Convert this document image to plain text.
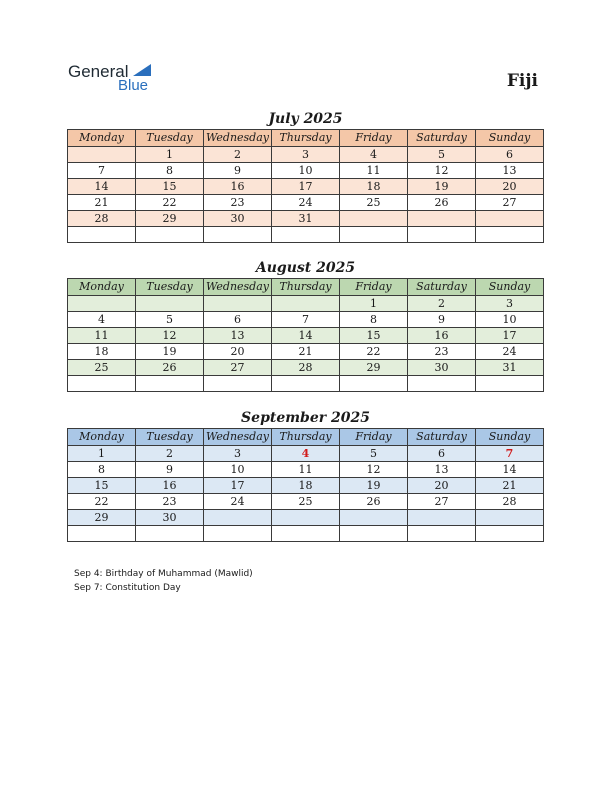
General
Blue	Fiji
July 2025
Monday	Tuesday	Wednesday	Thursday	Friday	Saturday	Sunday
	1	2	3	4	5	6
7	8	9	10	11	12	13
14	15	16	17	18	19	20
21	22	23	24	25	26	27
28	29	30	31			

August 2025
Monday	Tuesday	Wednesday	Thursday	Friday	Saturday	Sunday
				1	2	3
4	5	6	7	8	9	10
11	12	13	14	15	16	17
18	19	20	21	22	23	24
25	26	27	28	29	30	31

September 2025
Monday	Tuesday	Wednesday	Thursday	Friday	Saturday	Sunday
1	2	3	4	5	6	7
8	9	10	11	12	13	14
15	16	17	18	19	20	21
22	23	24	25	26	27	28
29	30					

Sep 4: Birthday of Muhammad (Mawlid)
Sep 7: Constitution Day
